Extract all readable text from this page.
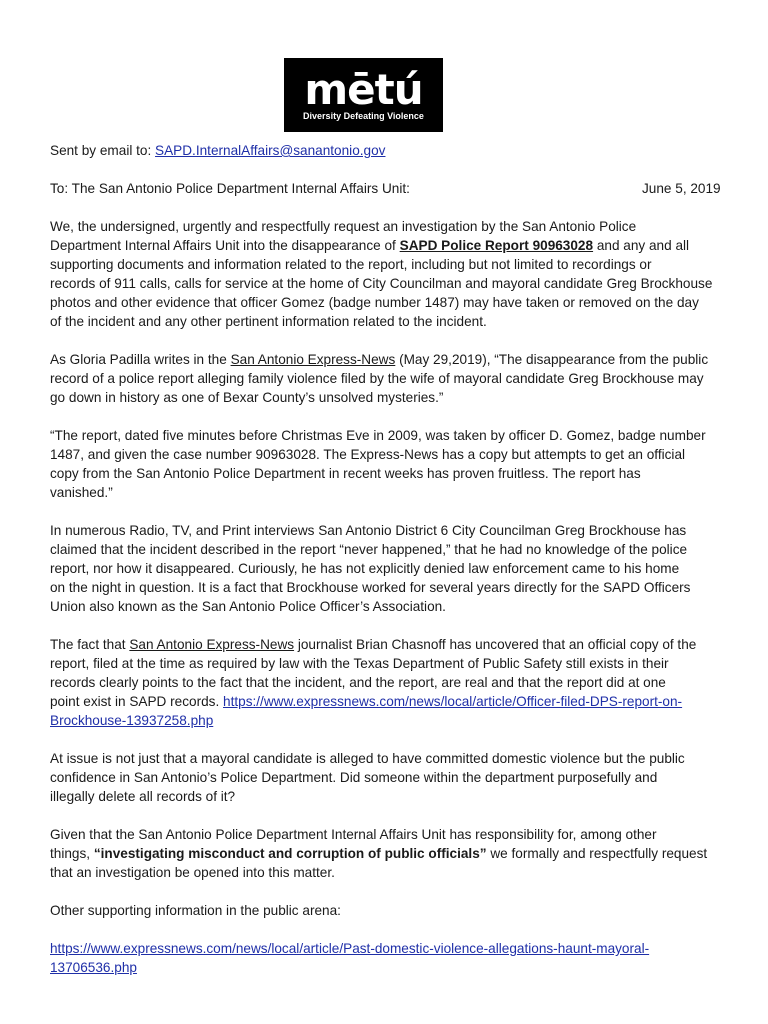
mētú
Diversity Defeating Violence
Sent by email to: SAPD.InternalAffairs@sanantonio.gov
To: The San Antonio Police Department Internal Affairs Unit:	June 5, 2019
We, the undersigned, urgently and respectfully request an investigation by the San Antonio Police
Department Internal Affairs Unit into the disappearance of SAPD Police Report 90963028 and any and all
supporting documents and information related to the report, including but not limited to recordings or
records of 911 calls, calls for service at the home of City Councilman and mayoral candidate Greg Brockhouse
photos and other evidence that officer Gomez (badge number 1487) may have taken or removed on the day
of the incident and any other pertinent information related to the incident.
As Gloria Padilla writes in the San Antonio Express-News (May 29,2019), “The disappearance from the public
record of a police report alleging family violence filed by the wife of mayoral candidate Greg Brockhouse may
go down in history as one of Bexar County’s unsolved mysteries.”
“The report, dated five minutes before Christmas Eve in 2009, was taken by officer D. Gomez, badge number
1487, and given the case number 90963028. The Express-News has a copy but attempts to get an official
copy from the San Antonio Police Department in recent weeks has proven fruitless. The report has
vanished.”
In numerous Radio, TV, and Print interviews San Antonio District 6 City Councilman Greg Brockhouse has
claimed that the incident described in the report “never happened,” that he had no knowledge of the police
report, nor how it disappeared. Curiously, he has not explicitly denied law enforcement came to his home
on the night in question. It is a fact that Brockhouse worked for several years directly for the SAPD Officers
Union also known as the San Antonio Police Officer’s Association.
The fact that San Antonio Express-News journalist Brian Chasnoff has uncovered that an official copy of the
report, filed at the time as required by law with the Texas Department of Public Safety still exists in their
records clearly points to the fact that the incident, and the report, are real and that the report did at one
point exist in SAPD records. https://www.expressnews.com/news/local/article/Officer-filed-DPS-report-on-
Brockhouse-13937258.php
At issue is not just that a mayoral candidate is alleged to have committed domestic violence but the public
confidence in San Antonio’s Police Department. Did someone within the department purposefully and
illegally delete all records of it?
Given that the San Antonio Police Department Internal Affairs Unit has responsibility for, among other
things, “investigating misconduct and corruption of public officials” we formally and respectfully request
that an investigation be opened into this matter.
Other supporting information in the public arena:
https://www.expressnews.com/news/local/article/Past-domestic-violence-allegations-haunt-mayoral-
13706536.php
